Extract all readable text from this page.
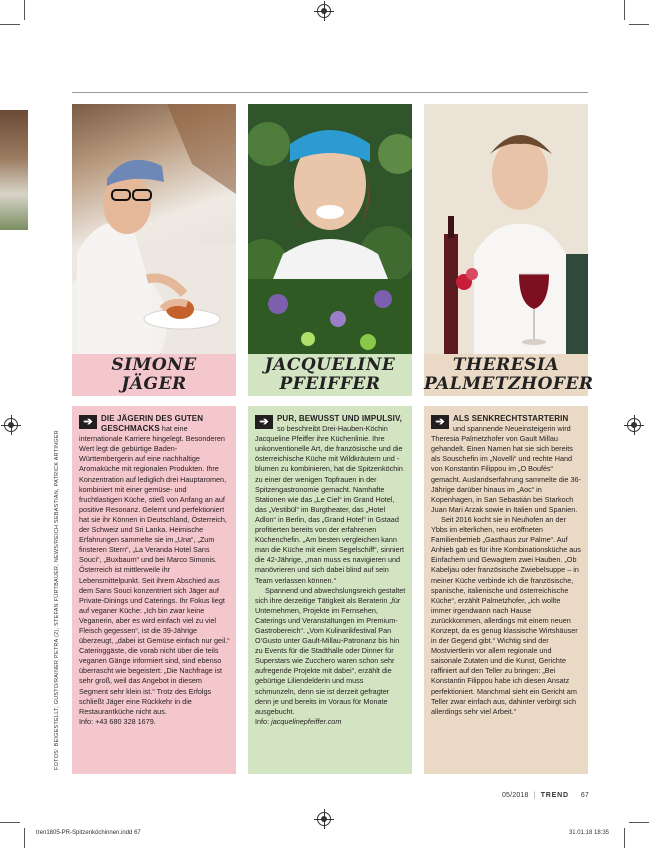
SIMONE
JÄGER
JACQUELINE
PFEIFFER
THERESIA
PALMETZHOFER
➔	DIE JÄGERIN DES GUTEN GESCHMACKS hat eine internationale Karriere hingelegt. Besonderen Wert legt die gebürtige Baden-Württembergerin auf eine nachhaltige Aromaküche mit regionalen Produkten. Ihre Konzentration auf lediglich drei Hauptaromen, kombiniert mit einer gemüse- und fruchtlastigen Küche, stieß von Anfang an auf positive Resonanz. Gelernt und perfektioniert hat sie ihr Können in Deutschland, Österreich, der Schweiz und Sri Lanka. Heimische Erfahrungen sammelte sie im „Una“, „Zum finsteren Stern“, „La Veranda Hotel Sans Souci“, „Buxbaum“ und bei Marco Simonis. Österreich ist mittlerweile ihr Lebensmittelpunkt. Seit ihrem Abschied aus dem Sans Souci konzentriert sich Jäger auf Private-Dinings und Caterings. Ihr Fokus liegt auf veganer Küche: „Ich bin zwar keine Veganerin, aber es wird einfach viel zu viel Fleisch gegessen“, ist die 39-Jährige überzeugt, „dabei ist Gemüse einfach nur geil.“ Cateringgäste, die vorab nicht über die teils veganen Gänge informiert sind, sind ebenso überrascht wie begeistert: „Die Nachfrage ist sehr groß, weil das Angebot in diesem Segment sehr klein ist.“ Trotz des Erfolgs schließt Jäger eine Rückkehr in die Restaurantküche nicht aus.
Info: +43 680 328 1679.
➔	PUR, BEWUSST UND IMPULSIV, so beschreibt Drei-Hauben-Köchin Jacqueline Pfeiffer ihre Küchenlinie. Ihre unkonventionelle Art, die französische und die österreichische Küche mit Wildkräutern und -blumen zu kombinieren, hat die Spitzenköchin zu einer der wenigen Topfrauen in der Spitzengastronomie gemacht. Namhafte Stationen wie das „Le Ciel“ im Grand Hotel, das „Vestibül“ im Burgtheater, das „Hotel Adlon“ in Berlin, das „Grand Hotel“ in Gstaad profitierten bereits von der erfahrenen Küchenchefin. „Am besten vergleichen kann man die Küche mit einem Segelschiff“, sinniert die 42-Jährige, „man muss es navigieren und manövrieren und sich dabei blind auf sein Team verlassen können.“
Spannend und abwechslungsreich gestaltet sich ihre derzeitige Tätigkeit als Beraterin „für Unternehmen, Projekte im Fernsehen, Caterings und Veranstaltungen im Premium-Gastrobereich“. „Vom Kulinarikfestival Pan O’Gusto unter Gault-Millau-Patronanz bis hin zu Events für die Stadthalle oder Dinner für Superstars wie Zucchero waren schon sehr aufregende Projekte mit dabei“, erzählt die gebürtige Liliendelderin und muss schmunzeln, denn sie ist derzeit gefragter denn je und bereits im Voraus für Monate ausgebucht.
Info: jacquelinepfeiffer.com
➔	ALS SENKRECHTSTARTERIN und spannende Neueinsteigerin wird Theresia Palmetzhofer von Gault Millau gehandelt. Einen Namen hat sie sich bereits als Souschefin im „Novelli“ und rechte Hand von Konstantin Filippou im „O Boufés“ gemacht. Auslandserfahrung sammelte die 36-Jährige darüber hinaus im „Aoc“ in Kopenhagen, in San Sebastián bei Starkoch Juan Mari Arzak sowie in Italien und Spanien.
Seit 2016 kocht sie in Neuhofen an der Ybbs im elterlichen, neu eröffneten Familienbetrieb „Gasthaus zur Palme“. Auf Anhieb gab es für ihre Kombinationsküche aus Einfachem und Gewagtem zwei Hauben. „Ob Kabeljau oder französische Zwiebelsuppe – in meiner Küche verbinde ich die französische, spanische, italienische und österreichische Küche“, erzählt Palmetzhofer, „ich wollte immer irgendwann nach Hause zurückkommen, allerdings mit einem neuen Konzept, da es genug klassische Wirtshäuser in der Gegend gibt.“ Wichtig sind der Mostviertlerin vor allem regionale und saisonale Zutaten und die Kunst, Gerichte raffiniert auf den Teller zu bringen: „Bei Konstantin Filippou habe ich diesen Ansatz perfektioniert. Manchmal sieht ein Gericht am Teller zwar einfach aus, dahinter verbirgt sich allerdings sehr viel Arbeit.“
FOTOS: BEIGESTELLT, GUSTO/RAINER PETRA (2), STEFAN FÜRTBAUER, NEWS/REICH SEBASTIAN, PATRICK ARTINGER
05/2018 | TREND 67
tren1805-PR-Spitzenköchinnen.indd 67	31.01.18 18:35
